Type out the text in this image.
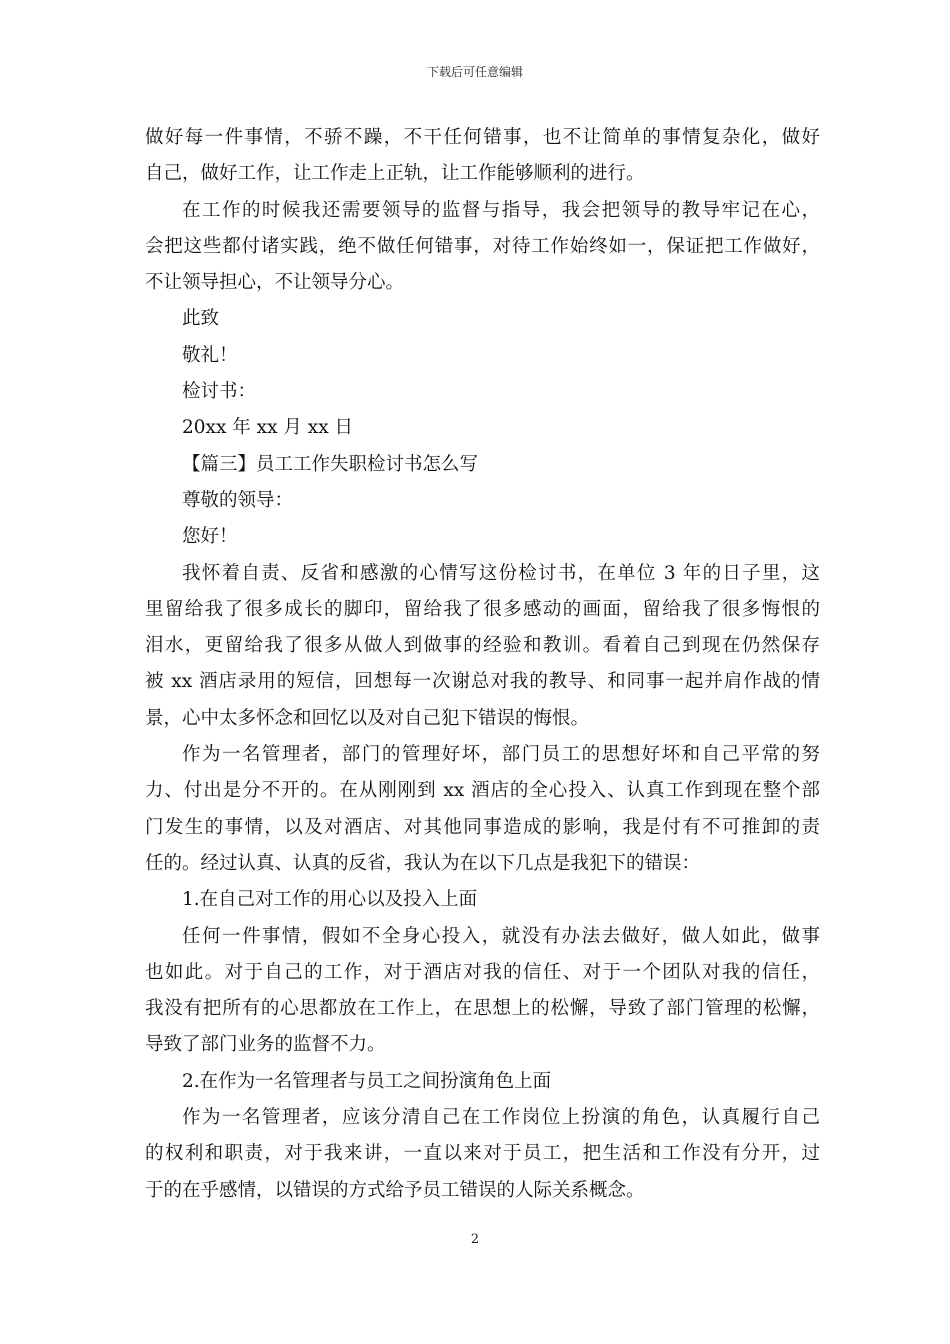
下载后可任意编辑
做好每一件事情，不骄不躁，不干任何错事，也不让简单的事情复杂化，做好
自己，做好工作，让工作走上正轨，让工作能够顺利的进行。
在工作的时候我还需要领导的监督与指导，我会把领导的教导牢记在心，
会把这些都付诸实践，绝不做任何错事，对待工作始终如一，保证把工作做好，
不让领导担心，不让领导分心。
此致
敬礼！
检讨书：
20xx 年 xx 月 xx 日
【篇三】员工工作失职检讨书怎么写
尊敬的领导：
您好！
我怀着自责、反省和感激的心情写这份检讨书，在单位 3 年的日子里，这
里留给我了很多成长的脚印，留给我了很多感动的画面，留给我了很多悔恨的
泪水，更留给我了很多从做人到做事的经验和教训。看着自己到现在仍然保存
被 xx 酒店录用的短信，回想每一次谢总对我的教导、和同事一起并肩作战的情
景，心中太多怀念和回忆以及对自己犯下错误的悔恨。
作为一名管理者，部门的管理好坏，部门员工的思想好坏和自己平常的努
力、付出是分不开的。在从刚刚到 xx 酒店的全心投入、认真工作到现在整个部
门发生的事情，以及对酒店、对其他同事造成的影响，我是付有不可推卸的责
任的。经过认真、认真的反省，我认为在以下几点是我犯下的错误：
1.在自己对工作的用心以及投入上面
任何一件事情，假如不全身心投入，就没有办法去做好，做人如此，做事
也如此。对于自己的工作，对于酒店对我的信任、对于一个团队对我的信任，
我没有把所有的心思都放在工作上，在思想上的松懈，导致了部门管理的松懈，
导致了部门业务的监督不力。
2.在作为一名管理者与员工之间扮演角色上面
作为一名管理者，应该分清自己在工作岗位上扮演的角色，认真履行自己
的权利和职责，对于我来讲，一直以来对于员工，把生活和工作没有分开，过
于的在乎感情，以错误的方式给予员工错误的人际关系概念。
2
